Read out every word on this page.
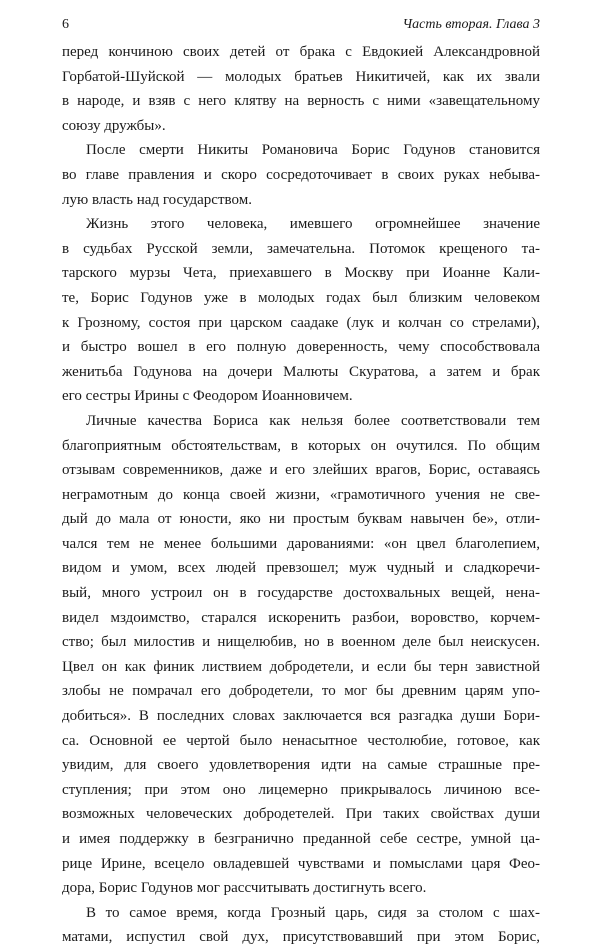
6	Часть вторая. Глава 3

перед кончиною своих детей от брака с Евдокией Александровной
Горбатой-Шуйской — молодых братьев Никитичей, как их звали
в народе, и взяв с него клятву на верность с ними «завещательному
союзу дружбы».

После смерти Никиты Романовича Борис Годунов становится
во главе правления и скоро сосредоточивает в своих руках небыва-
лую власть над государством.

Жизнь этого человека, имевшего огромнейшее значение
в судьбах Русской земли, замечательна. Потомок крещеного та-
тарского мурзы Чета, приехавшего в Москву при Иоанне Кали-
те, Борис Годунов уже в молодых годах был близким человеком
к Грозному, состоя при царском саадаке (лук и колчан со стрелами),
и быстро вошел в его полную доверенность, чему способствовала
женитьба Годунова на дочери Малюты Скуратова, а затем и брак
его сестры Ирины с Феодором Иоанновичем.

Личные качества Бориса как нельзя более соответствовали тем
благоприятным обстоятельствам, в которых он очутился. По общим
отзывам современников, даже и его злейших врагов, Борис, оставаясь
неграмотным до конца своей жизни, «грамотичного учения не све-
дый до мала от юности, яко ни простым буквам навычен бе», отли-
чался тем не менее большими дарованиями: «он цвел благолепием,
видом и умом, всех людей превзошел; муж чудный и сладкоречи-
вый, много устроил он в государстве достохвальных вещей, нена-
видел мздоимство, старался искоренить разбои, воровство, корчем-
ство; был милостив и нищелюбив, но в военном деле был неискусен.
Цвел он как финик листвием добродетели, и если бы терн завистной
злобы не помрачал его добродетели, то мог бы древним царям упо-
добиться». В последних словах заключается вся разгадка души Бори-
са. Основной ее чертой было ненасытное честолюбие, готовое, как
увидим, для своего удовлетворения идти на самые страшные пре-
ступления; при этом оно лицемерно прикрывалось личиною все-
возможных человеческих добродетелей. При таких свойствах души
и имея поддержку в безгранично преданной себе сестре, умной ца-
рице Ирине, всецело овладевшей чувствами и помыслами царя Фео-
дора, Борис Годунов мог рассчитывать достигнуть всего.

В то самое время, когда Грозный царь, сидя за столом с шах-
матами, испустил свой дух, присутствовавший при этом Борис,
